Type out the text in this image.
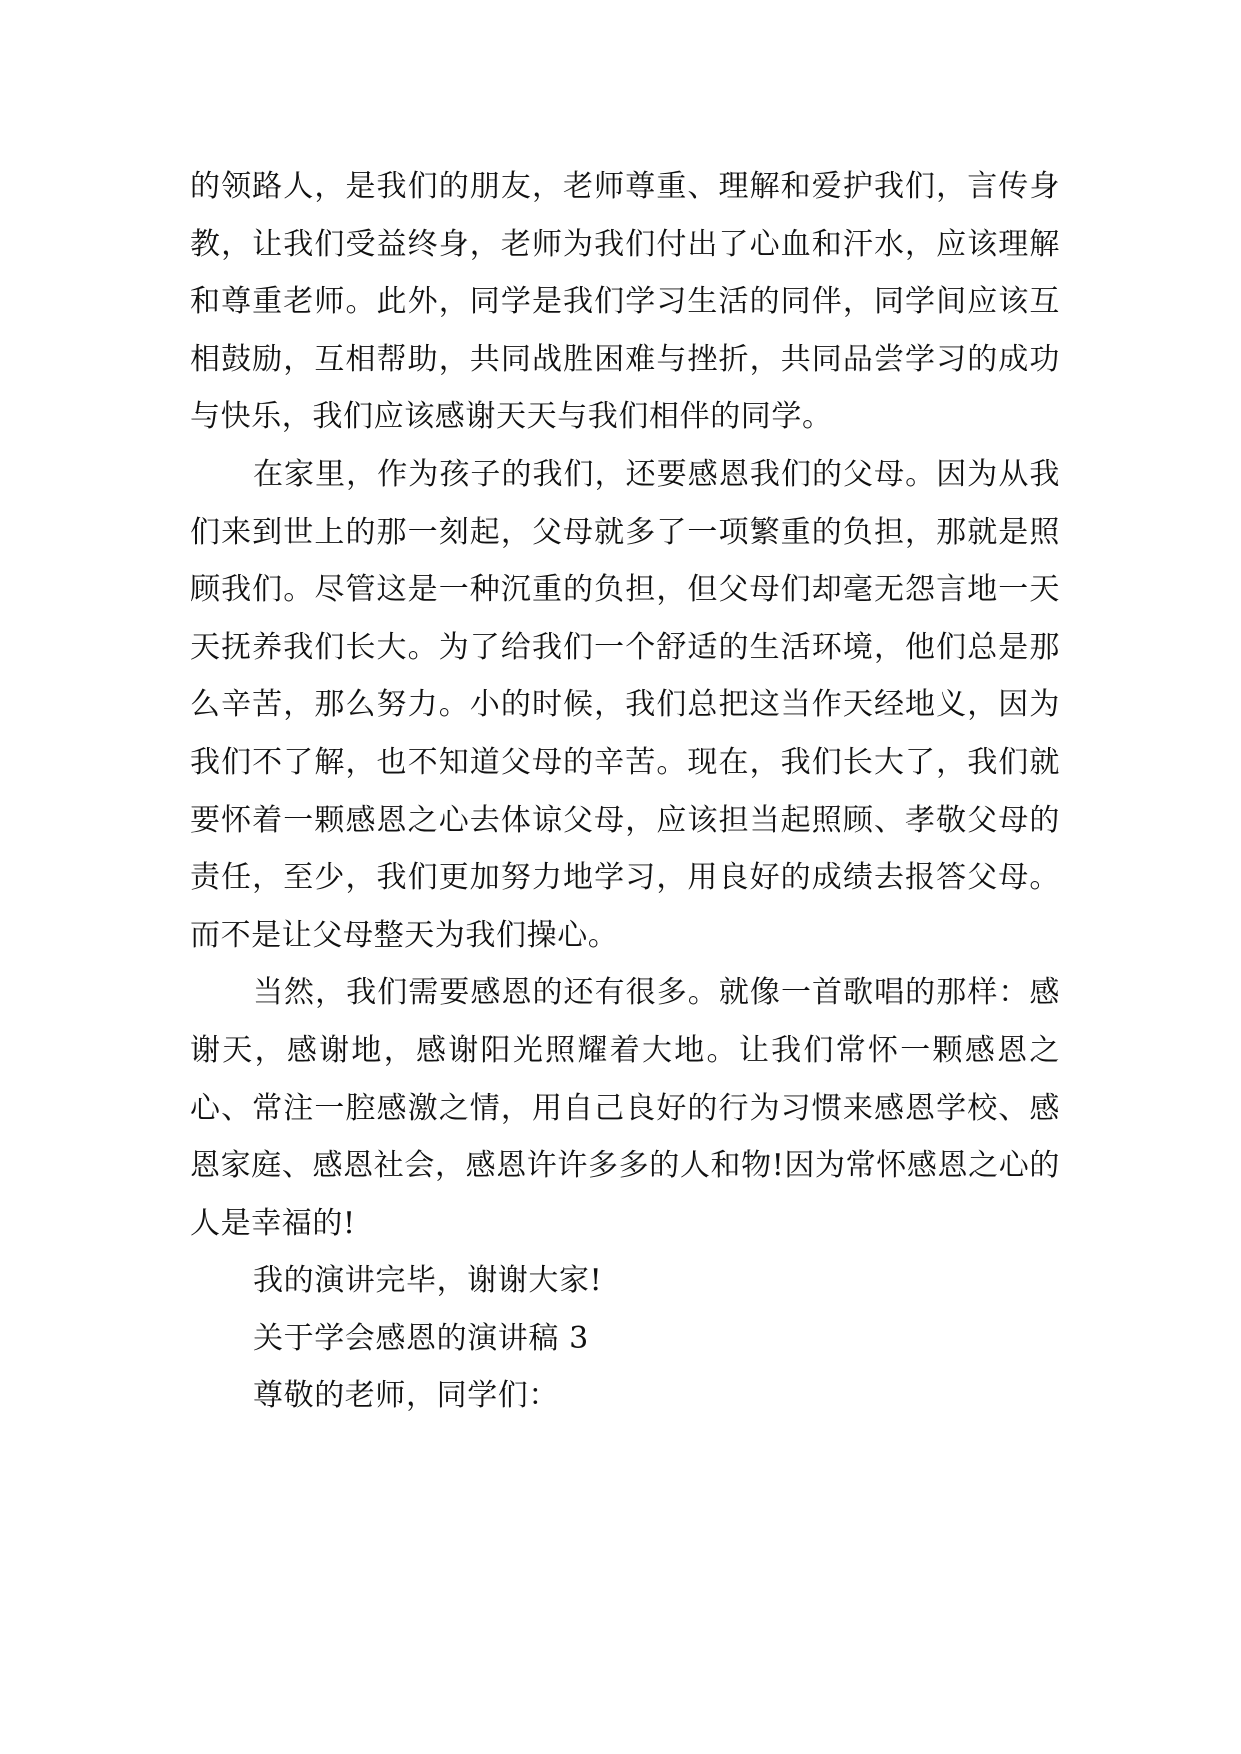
的领路人，是我们的朋友，老师尊重、理解和爱护我们，言传身教，让我们受益终身，老师为我们付出了心血和汗水，应该理解和尊重老师。此外，同学是我们学习生活的同伴，同学间应该互相鼓励，互相帮助，共同战胜困难与挫折，共同品尝学习的成功与快乐，我们应该感谢天天与我们相伴的同学。

在家里，作为孩子的我们，还要感恩我们的父母。因为从我们来到世上的那一刻起，父母就多了一项繁重的负担，那就是照顾我们。尽管这是一种沉重的负担，但父母们却毫无怨言地一天天抚养我们长大。为了给我们一个舒适的生活环境，他们总是那么辛苦，那么努力。小的时候，我们总把这当作天经地义，因为我们不了解，也不知道父母的辛苦。现在，我们长大了，我们就要怀着一颗感恩之心去体谅父母，应该担当起照顾、孝敬父母的责任，至少，我们更加努力地学习，用良好的成绩去报答父母。而不是让父母整天为我们操心。

当然，我们需要感恩的还有很多。就像一首歌唱的那样：感谢天，感谢地，感谢阳光照耀着大地。让我们常怀一颗感恩之心、常注一腔感激之情，用自己良好的行为习惯来感恩学校、感恩家庭、感恩社会，感恩许许多多的人和物!因为常怀感恩之心的人是幸福的!

我的演讲完毕，谢谢大家!

关于学会感恩的演讲稿 3

尊敬的老师，同学们：
